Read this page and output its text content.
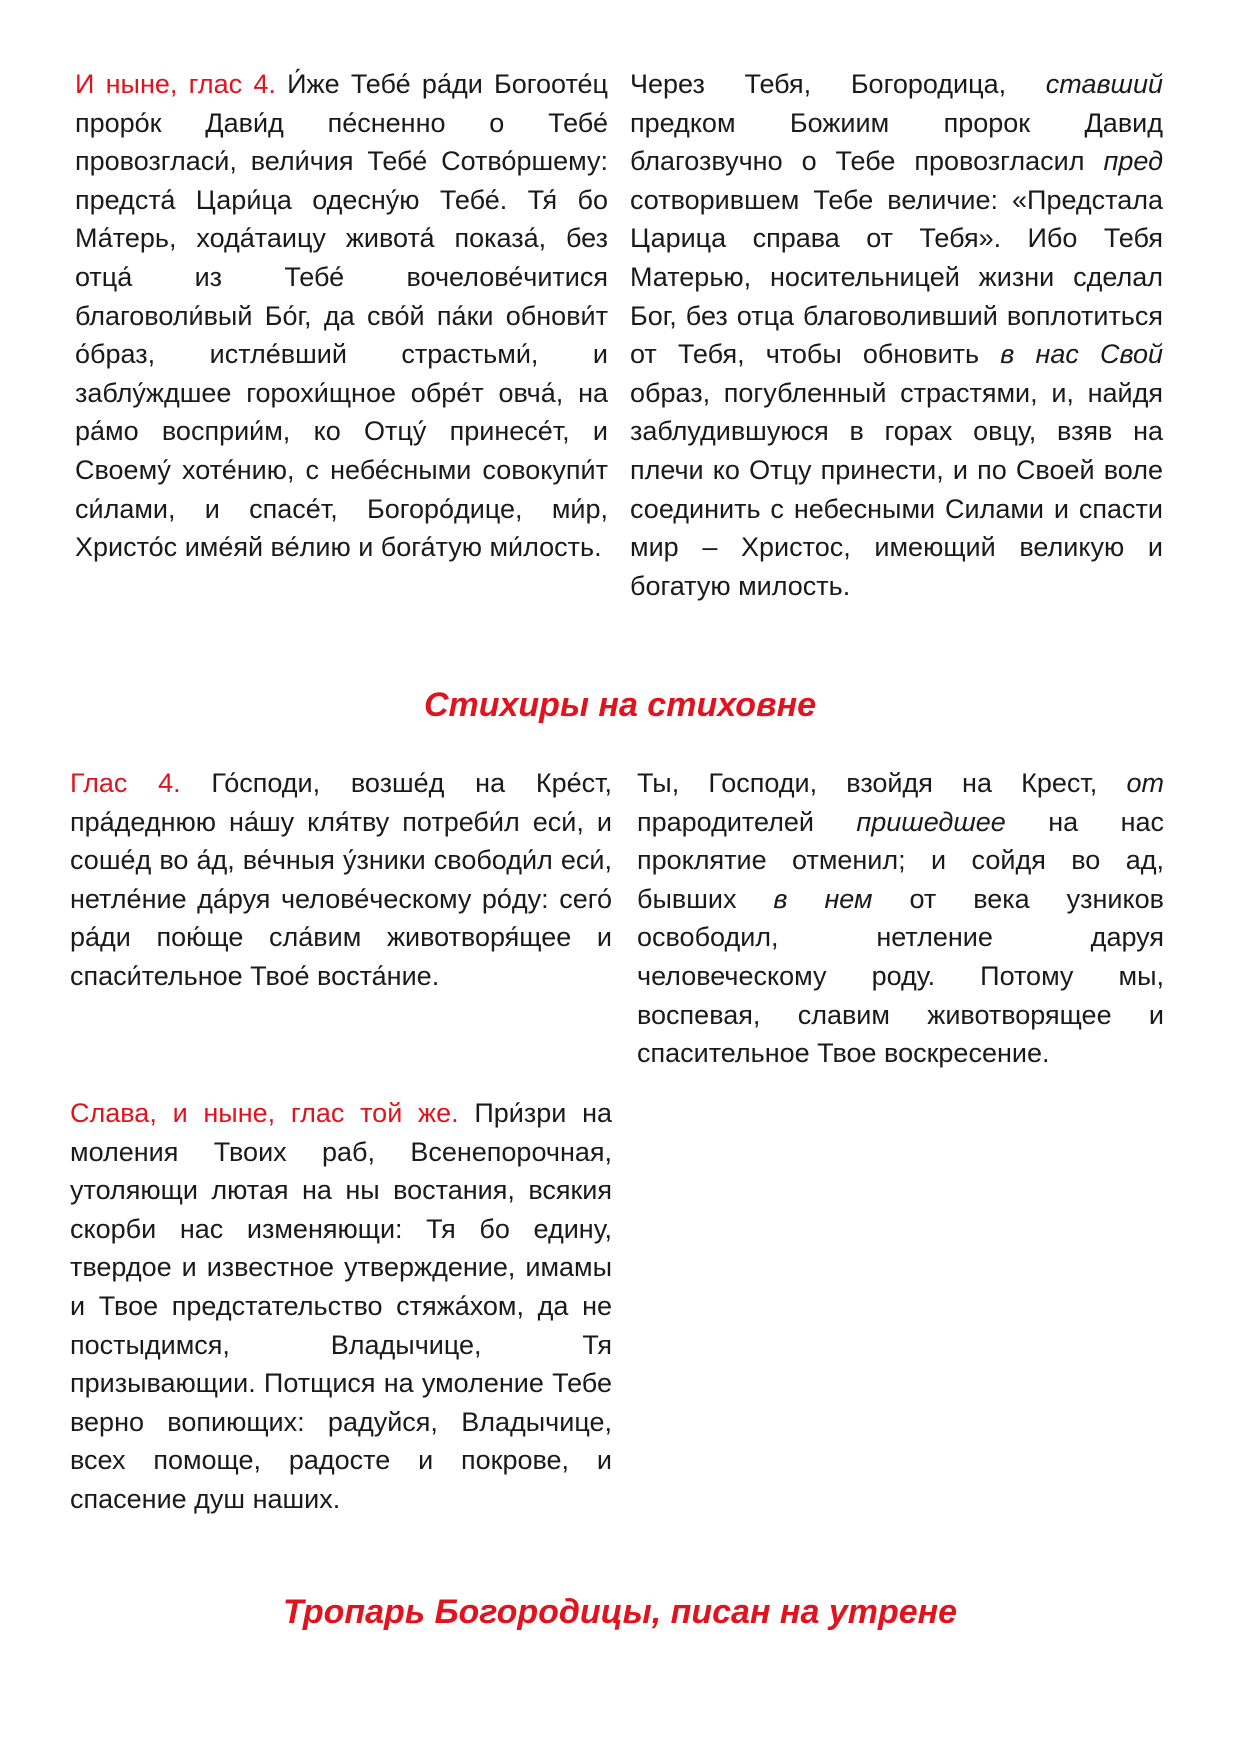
И ныне, глас 4. И́же Тебе́ ра́ди Богооте́ц проро́к Дави́д пе́сненно о Тебе́ провозгласи́, вели́чия Тебе́ Сотво́ршему: предста́ Цари́ца одесну́ю Тебе́. Тя́ бо Ма́терь, хода́таицу живота́ показа́, без отца́ из Тебе́ вочелове́читися благоволи́вый Бо́г, да сво́й па́ки обнови́т о́браз, истле́вший страстьми́, и заблу́ждшее горохи́щное обре́т овча́, на ра́мо восприи́м, ко Отцу́ принесе́т, и Своему́ хоте́нию, с небе́сными совокупи́т си́лами, и спасе́т, Богоро́дице, ми́р, Христо́с име́яй ве́лию и бога́тую ми́лость.
Через Тебя, Богородица, ставший предком Божиим пророк Давид благозвучно о Тебе провозгласил пред сотворившем Тебе величие: «Предстала Царица справа от Тебя». Ибо Тебя Матерью, носительницей жизни сделал Бог, без отца благоволивший воплотиться от Тебя, чтобы обновить в нас Свой образ, погубленный страстями, и, найдя заблудившуюся в горах овцу, взяв на плечи ко Отцу принести, и по Своей воле соединить с небесными Силами и спасти мир – Христос, имеющий великую и богатую милость.
Стихиры на стиховне
Глас 4. Го́споди, возше́д на Кре́ст, пра́деднюю на́шу кля́тву потреби́л еси́, и соше́д во а́д, ве́чныя у́зники свободи́л еси́, нетле́ние да́руя челове́ческому ро́ду: сего́ ра́ди пою́ще сла́вим животворя́щее и спаси́тельное Твое́ воста́ние.
Ты, Господи, взойдя на Крест, от прародителей пришедшее на нас проклятие отменил; и сойдя во ад, бывших в нем от века узников освободил, нетление даруя человеческому роду. Потому мы, воспевая, славим животворящее и спасительное Твое воскресение.
Слава, и ныне, глас той же. При́зри на моления Твоих раб, Всенепорочная, утоляющи лютая на ны востания, всякия скорби нас изменяющи: Тя бо едину, твердое и известное утверждение, имамы и Твое предстательство стяжа́хом, да не постыдимся, Владычице, Тя призывающии. Потщися на умоление Тебе верно вопиющих: радуйся, Владычице, всех помоще, радосте и покрове, и спасение душ наших.
Тропарь Богородицы, писан на утрене
